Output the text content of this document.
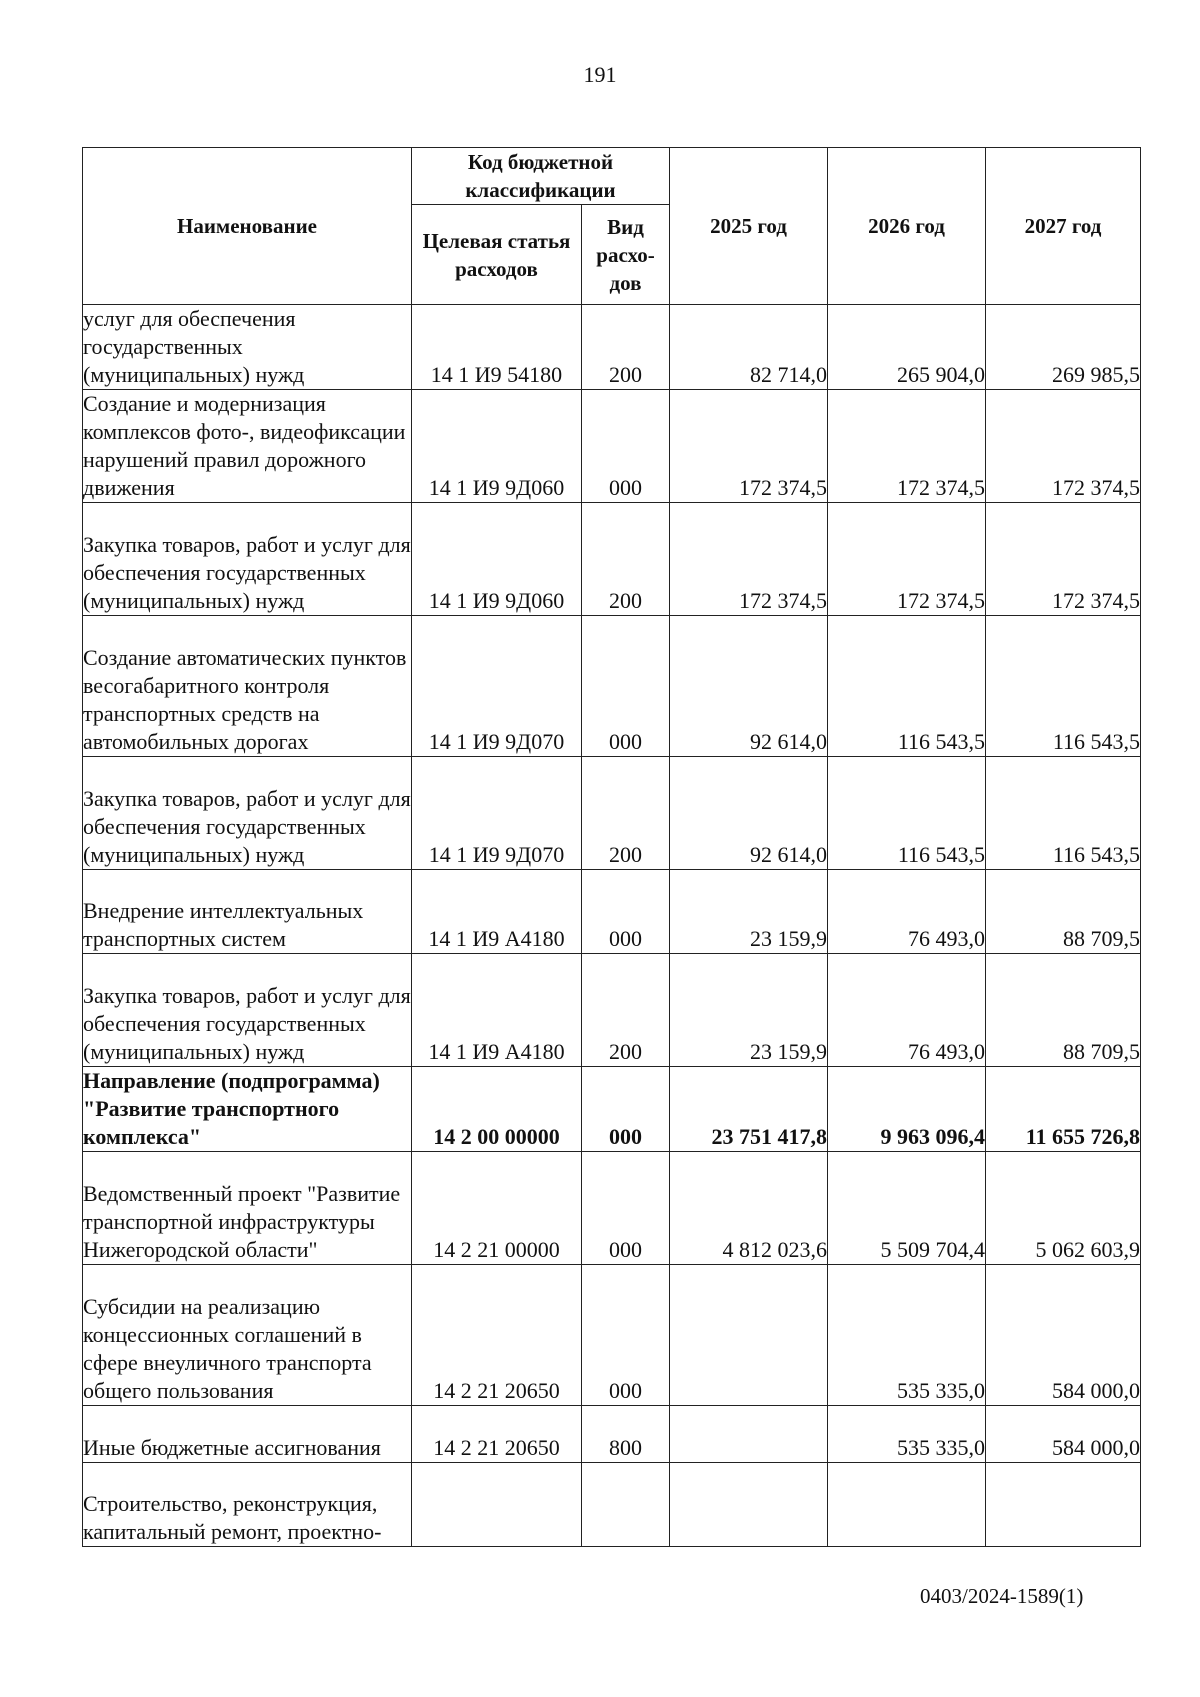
191
Наименование	Код бюджетной классификации		2025 год	2026 год	2027 год
	Целевая статья расходов	Вид расхо-дов			
услуг для обеспечения государственных (муниципальных) нужд	14 1 И9 54180	200	82 714,0	265 904,0	269 985,5
Создание и модернизация комплексов фото-, видеофиксации нарушений правил дорожного движения	14 1 И9 9Д060	000	172 374,5	172 374,5	172 374,5
Закупка товаров, работ и услуг для обеспечения государственных (муниципальных) нужд	14 1 И9 9Д060	200	172 374,5	172 374,5	172 374,5
Создание автоматических пунктов весогабаритного контроля транспортных средств на автомобильных дорогах	14 1 И9 9Д070	000	92 614,0	116 543,5	116 543,5
Закупка товаров, работ и услуг для обеспечения государственных (муниципальных) нужд	14 1 И9 9Д070	200	92 614,0	116 543,5	116 543,5
Внедрение интеллектуальных транспортных систем	14 1 И9 А4180	000	23 159,9	76 493,0	88 709,5
Закупка товаров, работ и услуг для обеспечения государственных (муниципальных) нужд	14 1 И9 А4180	200	23 159,9	76 493,0	88 709,5
Направление (подпрограмма) "Развитие транспортного комплекса"	14 2 00 00000	000	23 751 417,8	9 963 096,4	11 655 726,8
Ведомственный проект "Развитие транспортной инфраструктуры Нижегородской области"	14 2 21 00000	000	4 812 023,6	5 509 704,4	5 062 603,9
Субсидии на реализацию концессионных соглашений в сфере внеуличного транспорта общего пользования	14 2 21 20650	000		535 335,0	584 000,0
Иные бюджетные ассигнования	14 2 21 20650	800		535 335,0	584 000,0
Строительство, реконструкция, капитальный ремонт, проектно-					
0403/2024-1589(1)
